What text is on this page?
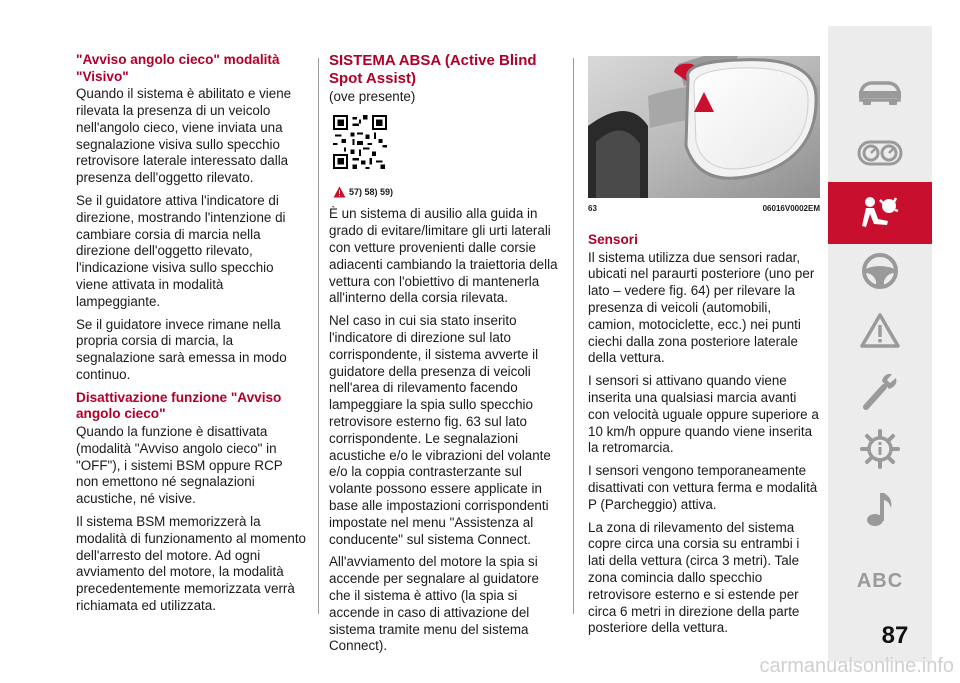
"Avviso angolo cieco" modalità "Visivo"

Quando il sistema è abilitato e viene rilevata la presenza di un veicolo nell'angolo cieco, viene inviata una segnalazione visiva sullo specchio retrovisore laterale interessato dalla presenza dell'oggetto rilevato.

Se il guidatore attiva l'indicatore di direzione, mostrando l'intenzione di cambiare corsia di marcia nella direzione dell'oggetto rilevato, l'indicazione visiva sullo specchio viene attivata in modalità lampeggiante.

Se il guidatore invece rimane nella propria corsia di marcia, la segnalazione sarà emessa in modo continuo.

Disattivazione funzione "Avviso angolo cieco"

Quando la funzione è disattivata (modalità "Avviso angolo cieco" in "OFF"), i sistemi BSM oppure RCP non emettono né segnalazioni acustiche, né visive.

Il sistema BSM memorizzerà la modalità di funzionamento al momento dell'arresto del motore. Ad ogni avviamento del motore, la modalità precedentemente memorizzata verrà richiamata ed utilizzata.

SISTEMA ABSA (Active Blind Spot Assist)
(ove presente)
57) 58) 59)

È un sistema di ausilio alla guida in grado di evitare/limitare gli urti laterali con vetture provenienti dalle corsie adiacenti cambiando la traiettoria della vettura con l'obiettivo di mantenerla all'interno della corsia rilevata.

Nel caso in cui sia stato inserito l'indicatore di direzione sul lato corrispondente, il sistema avverte il guidatore della presenza di veicoli nell'area di rilevamento facendo lampeggiare la spia sullo specchio retrovisore esterno fig. 63 sul lato corrispondente. Le segnalazioni acustiche e/o le vibrazioni del volante e/o la coppia contrasterzante sul volante possono essere applicate in base alle impostazioni corrispondenti impostate nel menu "Assistenza al conducente" sul sistema Connect.

All'avviamento del motore la spia si accende per segnalare al guidatore che il sistema è attivo (la spia si accende in caso di attivazione del sistema tramite menu del sistema Connect).

63	06016V0002EM
Sensori

Il sistema utilizza due sensori radar, ubicati nel paraurti posteriore (uno per lato – vedere fig. 64) per rilevare la presenza di veicoli (automobili, camion, motociclette, ecc.) nei punti ciechi dalla zona posteriore laterale della vettura.

I sensori si attivano quando viene inserita una qualsiasi marcia avanti con velocità uguale oppure superiore a 10 km/h oppure quando viene inserita la retromarcia.

I sensori vengono temporaneamente disattivati con vettura ferma e modalità P (Parcheggio) attiva.

La zona di rilevamento del sistema copre circa una corsia su entrambi i lati della vettura (circa 3 metri). Tale zona comincia dallo specchio retrovisore esterno e si estende per circa 6 metri in direzione della parte posteriore della vettura.

ABC
87
carmanualsonline.info
